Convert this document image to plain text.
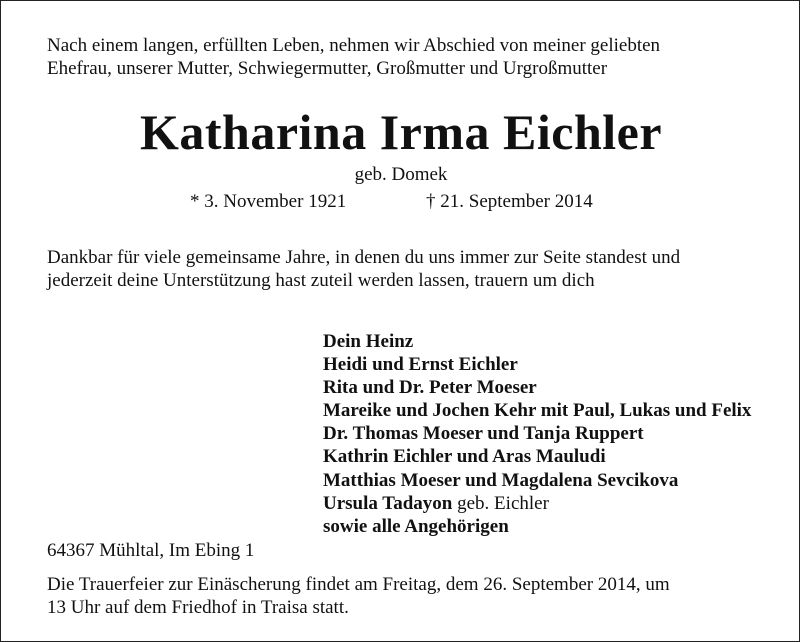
Nach einem langen, erfüllten Leben, nehmen wir Abschied von meiner geliebten
Ehefrau, unserer Mutter, Schwiegermutter, Großmutter und Urgroßmutter
Katharina Irma Eichler
geb. Domek
* 3. November 1921	† 21. September 2014
Dankbar für viele gemeinsame Jahre, in denen du uns immer zur Seite standest und
jederzeit deine Unterstützung hast zuteil werden lassen, trauern um dich
Dein Heinz
Heidi und Ernst Eichler
Rita und Dr. Peter Moeser
Mareike und Jochen Kehr mit Paul, Lukas und Felix
Dr. Thomas Moeser und Tanja Ruppert
Kathrin Eichler und Aras Mauludi
Matthias Moeser und Magdalena Sevcikova
Ursula Tadayon geb. Eichler
sowie alle Angehörigen
64367 Mühltal, Im Ebing 1
Die Trauerfeier zur Einäscherung findet am Freitag, dem 26. September 2014, um
13 Uhr auf dem Friedhof in Traisa statt.
